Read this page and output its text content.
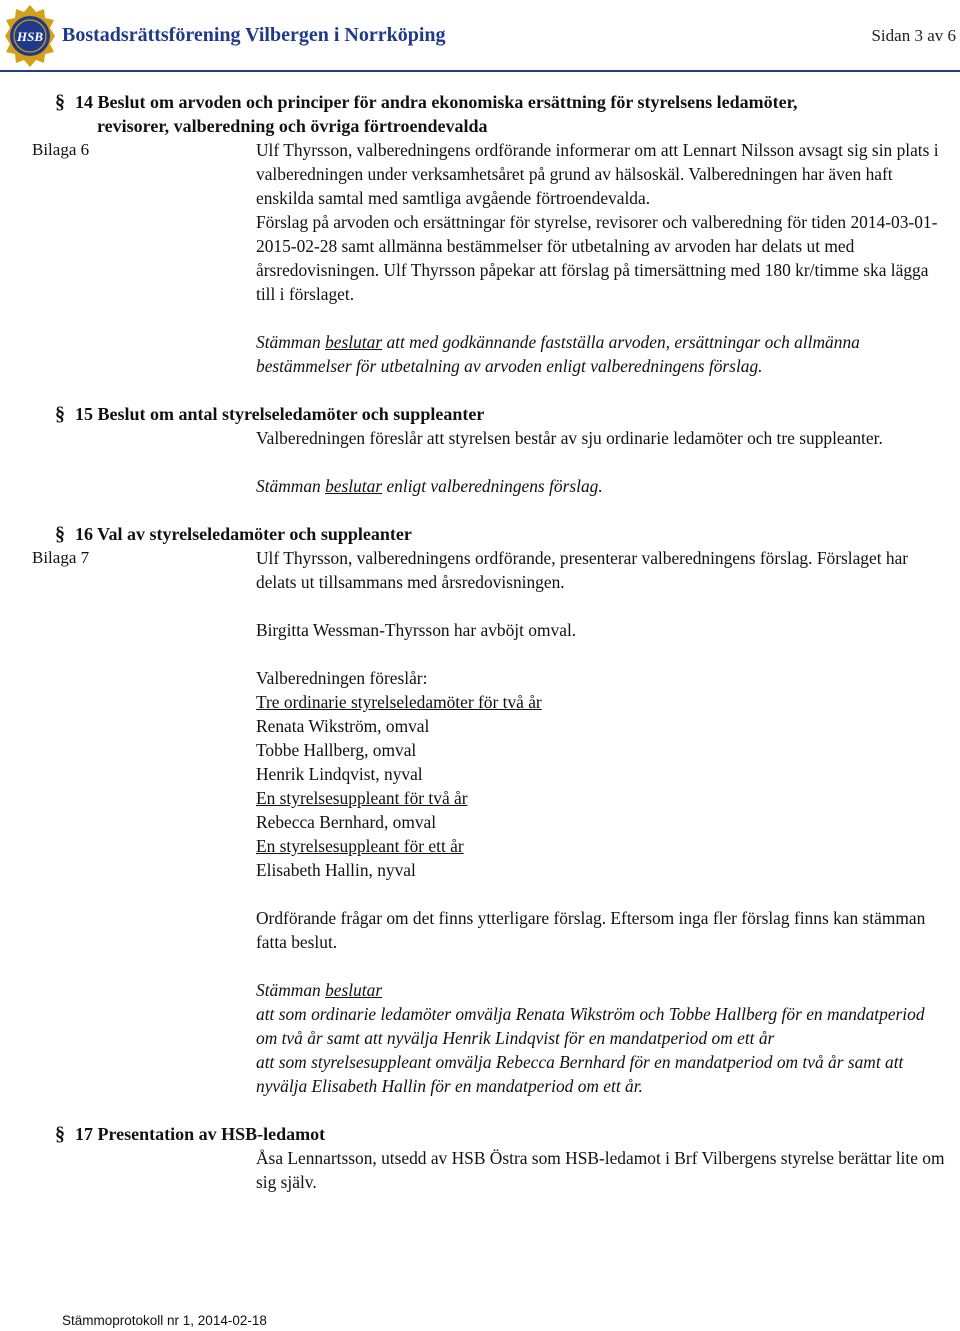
HSB Bostadsrättsförening Vilbergen i Norrköping	Sidan 3 av 6
§ 14 Beslut om arvoden och principer för andra ekonomiska ersättning för styrelsens ledamöter,
revisorer, valberedning och övriga förtroendevalda
Bilaga 6	Ulf Thyrsson, valberedningens ordförande informerar om att Lennart Nilsson avsagt sig sin plats i valberedningen under verksamhetsåret på grund av hälsoskäl. Valberedningen har även haft enskilda samtal med samtliga avgående förtroendevalda.

Förslag på arvoden och ersättningar för styrelse, revisorer och valberedning för tiden 2014-03-01-2015-02-28 samt allmänna bestämmelser för utbetalning av arvoden har delats ut med årsredovisningen. Ulf Thyrsson påpekar att förslag på timersättning med 180 kr/timme ska lägga till i förslaget.

Stämman beslutar att med godkännande fastställa arvoden, ersättningar och allmänna bestämmelser för utbetalning av arvoden enligt valberedningens förslag.

§ 15 Beslut om antal styrelseledamöter och suppleanter

Valberedningen föreslår att styrelsen består av sju ordinarie ledamöter och tre suppleanter.

Stämman beslutar enligt valberedningens förslag.

§ 16 Val av styrelseledamöter och suppleanter
Bilaga 7	Ulf Thyrsson, valberedningens ordförande, presenterar valberedningens förslag. Förslaget har delats ut tillsammans med årsredovisningen.

Birgitta Wessman-Thyrsson har avböjt omval.

Valberedningen föreslår:

Tre ordinarie styrelseledamöter för två år

Renata Wikström, omval

Tobbe Hallberg, omval

Henrik Lindqvist, nyval

En styrelsesuppleant för två år

Rebecca Bernhard, omval

En styrelsesuppleant för ett år

Elisabeth Hallin, nyval

Ordförande frågar om det finns ytterligare förslag. Eftersom inga fler förslag finns kan stämman fatta beslut.

Stämman beslutar

att som ordinarie ledamöter omvälja Renata Wikström och Tobbe Hallberg för en mandatperiod om två år samt att nyvälja Henrik Lindqvist för en mandatperiod om ett år

att som styrelsesuppleant omvälja Rebecca Bernhard för en mandatperiod om två år samt att nyvälja Elisabeth Hallin för en mandatperiod om ett år.

§ 17 Presentation av HSB-ledamot

Åsa Lennartsson, utsedd av HSB Östra som HSB-ledamot i Brf Vilbergens styrelse berättar lite om sig själv.

Stämmoprotokoll nr 1, 2014-02-18
